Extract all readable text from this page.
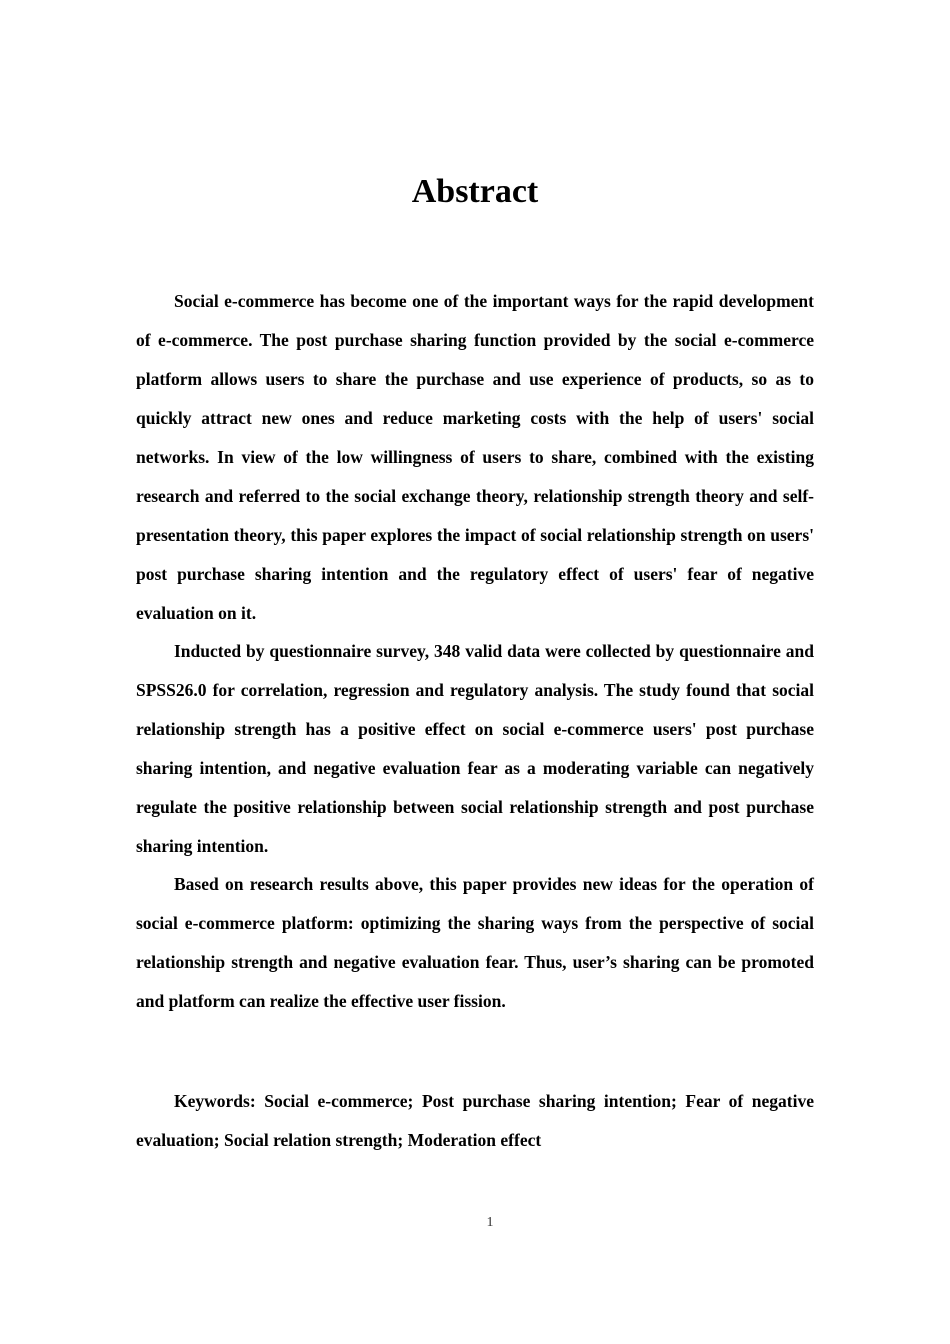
Abstract

Social e-commerce has become one of the important ways for the rapid development of e-commerce. The post purchase sharing function provided by the social e-commerce platform allows users to share the purchase and use experience of products, so as to quickly attract new ones and reduce marketing costs with the help of users' social networks. In view of the low willingness of users to share, combined with the existing research and referred to the social exchange theory, relationship strength theory and self-presentation theory, this paper explores the impact of social relationship strength on users' post purchase sharing intention and the regulatory effect of users' fear of negative evaluation on it.

Inducted by questionnaire survey, 348 valid data were collected by questionnaire and SPSS26.0 for correlation, regression and regulatory analysis. The study found that social relationship strength has a positive effect on social e-commerce users' post purchase sharing intention, and negative evaluation fear as a moderating variable can negatively regulate the positive relationship between social relationship strength and post purchase sharing intention.

Based on research results above, this paper provides new ideas for the operation of social e-commerce platform: optimizing the sharing ways from the perspective of social relationship strength and negative evaluation fear. Thus, user’s sharing can be promoted and platform can realize the effective user fission.

Keywords: Social e-commerce; Post purchase sharing intention; Fear of negative evaluation; Social relation strength; Moderation effect

1
